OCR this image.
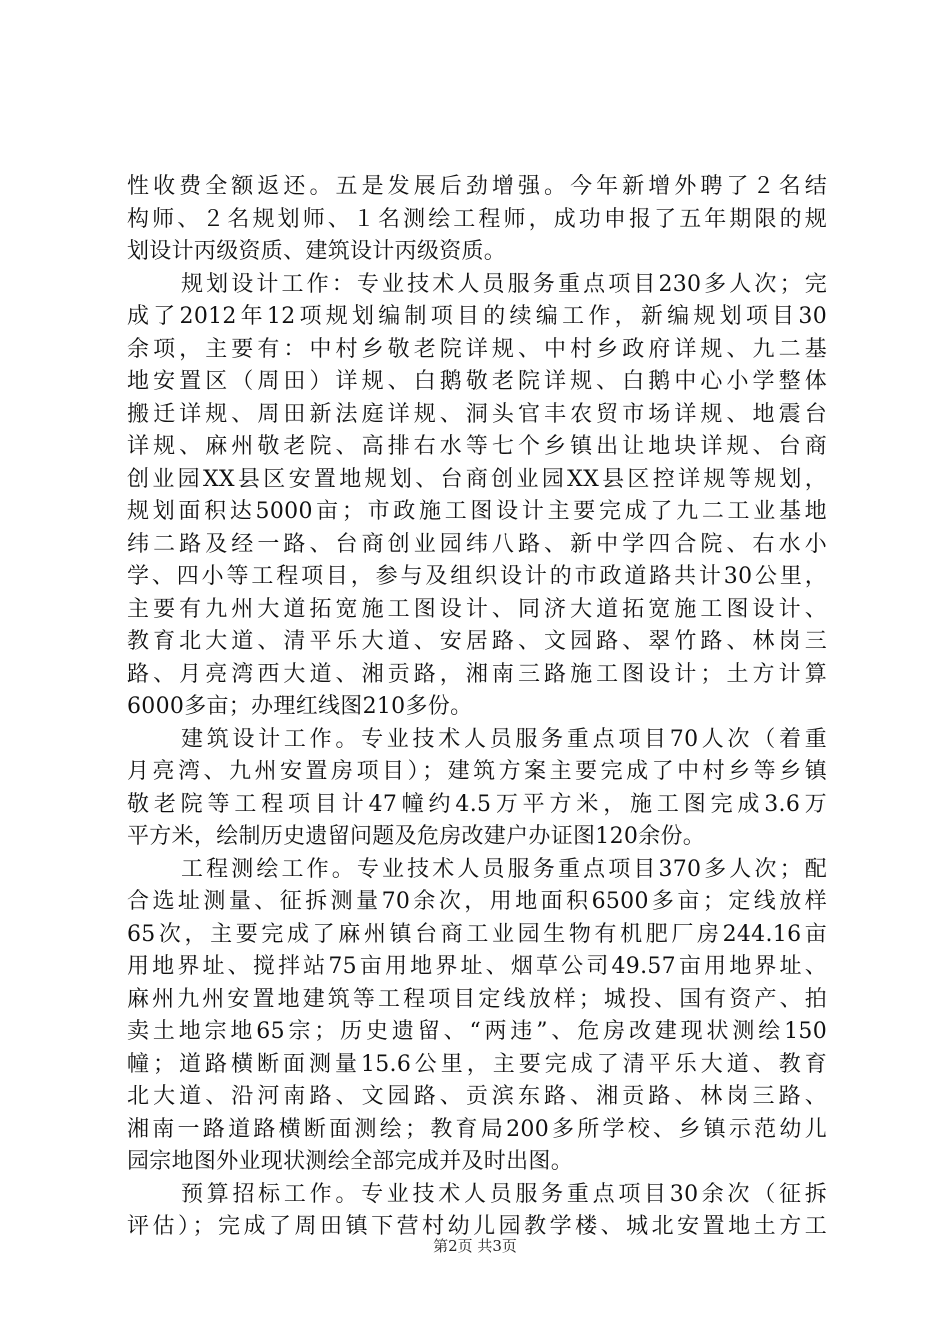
性收费全额返还。五是发展后劲增强。今年新增外聘了２名结
构师、２名规划师、１名测绘工程师，成功申报了五年期限的规
划设计丙级资质、建筑设计丙级资质。
规划设计工作：专业技术人员服务重点项目230多人次；完
成了2012年12项规划编制项目的续编工作，新编规划项目30
余项，主要有：中村乡敬老院详规、中村乡政府详规、九二基
地安置区（周田）详规、白鹅敬老院详规、白鹅中心小学整体
搬迁详规、周田新法庭详规、洞头官丰农贸市场详规、地震台
详规、麻州敬老院、高排右水等七个乡镇出让地块详规、台商
创业园XX县区安置地规划、台商创业园XX县区控详规等规划，
规划面积达5000亩；市政施工图设计主要完成了九二工业基地
纬二路及经一路、台商创业园纬八路、新中学四合院、右水小
学、四小等工程项目，参与及组织设计的市政道路共计30公里，
主要有九州大道拓宽施工图设计、同济大道拓宽施工图设计、
教育北大道、清平乐大道、安居路、文园路、翠竹路、林岗三
路、月亮湾西大道、湘贡路，湘南三路施工图设计；土方计算
6000多亩；办理红线图210多份。
建筑设计工作。专业技术人员服务重点项目70人次（着重
月亮湾、九州安置房项目）；建筑方案主要完成了中村乡等乡镇
敬老院等工程项目计47幢约4.5万平方米，施工图完成3.6万
平方米，绘制历史遗留问题及危房改建户办证图120余份。
工程测绘工作。专业技术人员服务重点项目370多人次；配
合选址测量、征拆测量70余次，用地面积6500多亩；定线放样
65次，主要完成了麻州镇台商工业园生物有机肥厂房244.16亩
用地界址、搅拌站75亩用地界址、烟草公司49.57亩用地界址、
麻州九州安置地建筑等工程项目定线放样；城投、国有资产、拍
卖土地宗地65宗；历史遗留、“两违”、危房改建现状测绘150
幢；道路横断面测量15.6公里，主要完成了清平乐大道、教育
北大道、沿河南路、文园路、贡滨东路、湘贡路、林岗三路、
湘南一路道路横断面测绘；教育局200多所学校、乡镇示范幼儿
园宗地图外业现状测绘全部完成并及时出图。
预算招标工作。专业技术人员服务重点项目30余次（征拆
评估）；完成了周田镇下营村幼儿园教学楼、城北安置地土方工
第2页 共3页
